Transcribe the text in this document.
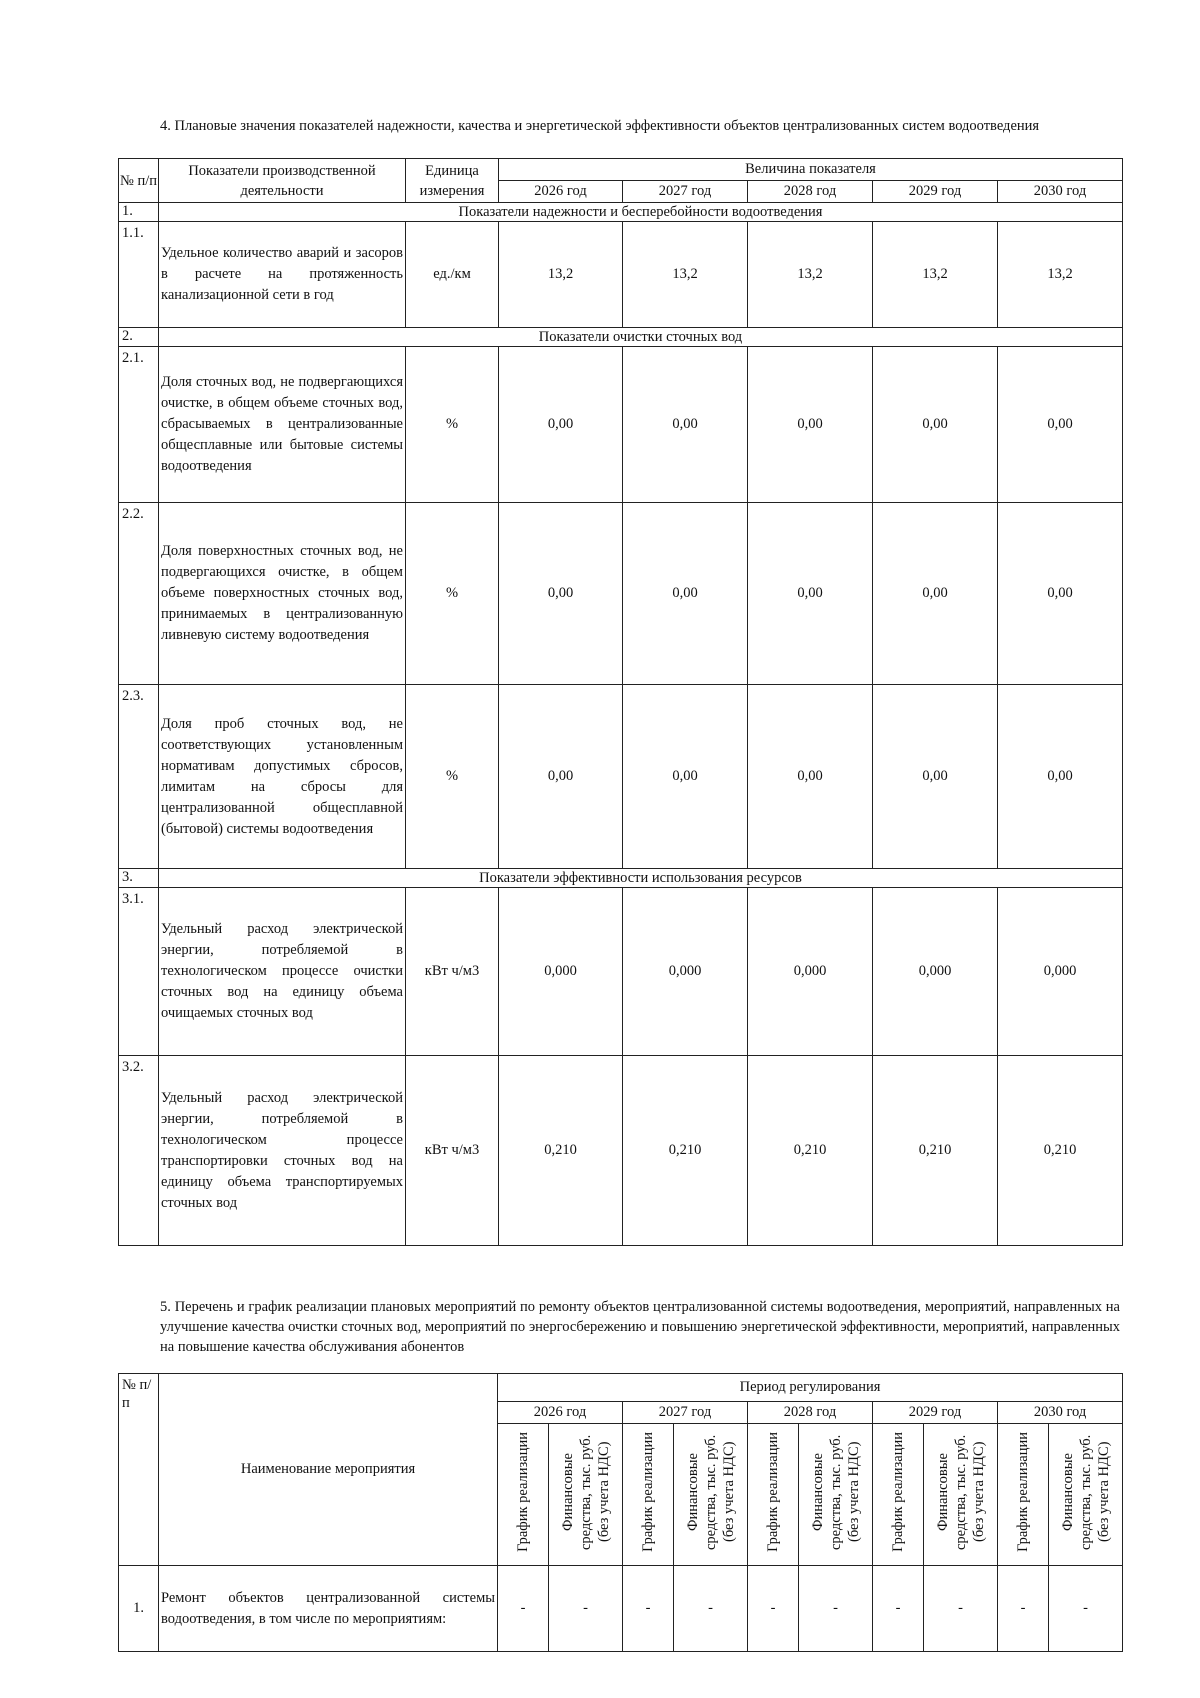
4. Плановые значения показателей надежности, качества и энергетической эффективности объектов централизованных систем водоотведения
№ п/п	Показатели производственной деятельности	Единица измерения	Величина показателя				
			2026 год	2027 год	2028 год	2029 год	2030 год
1.	Показатели надежности и бесперебойности водоотведения						
1.1.	Удельное количество аварий и засоров в расчете на протяженность канализационной сети в год	ед./км	13,2	13,2	13,2	13,2	13,2
2.	Показатели очистки сточных вод						
2.1.	Доля сточных вод, не подвергающихся очистке, в общем объеме сточных вод, сбрасываемых в централизованные общесплавные или бытовые системы водоотведения	%	0,00	0,00	0,00	0,00	0,00
2.2.	Доля поверхностных сточных вод, не подвергающихся очистке, в общем объеме поверхностных сточных вод, принимаемых в централизованную ливневую систему водоотведения	%	0,00	0,00	0,00	0,00	0,00
2.3.	Доля проб сточных вод, не соответствующих установленным нормативам допустимых сбросов, лимитам на сбросы для централизованной общесплавной (бытовой) системы водоотведения	%	0,00	0,00	0,00	0,00	0,00
3.	Показатели эффективности использования ресурсов						
3.1.	Удельный расход электрической энергии, потребляемой в технологическом процессе очистки сточных вод на единицу объема очищаемых сточных вод	кВт ч/м3	0,000	0,000	0,000	0,000	0,000
3.2.	Удельный расход электрической энергии, потребляемой в технологическом процессе транспортировки сточных вод на единицу объема транспортируемых сточных вод	кВт ч/м3	0,210	0,210	0,210	0,210	0,210
5. Перечень и график реализации плановых мероприятий по ремонту объектов централизованной системы водоотведения, мероприятий, направленных на улучшение качества очистки сточных вод, мероприятий по энергосбережению и повышению энергетической эффективности, мероприятий, направленных на повышение качества обслуживания абонентов
№ п/п	Наименование мероприятия	Период регулирования									
		2026 год		2027 год		2028 год		2029 год		2030 год	
		График реализации	Финансовые средства, тыс. руб. (без учета НДС)	График реализации	Финансовые средства, тыс. руб. (без учета НДС)	График реализации	Финансовые средства, тыс. руб. (без учета НДС)	График реализации	Финансовые средства, тыс. руб. (без учета НДС)	График реализации	Финансовые средства, тыс. руб. (без учета НДС)
1.	Ремонт объектов централизованной системы водоотведения, в том числе по мероприятиям:	-	-	-	-	-	-	-	-	-	-
